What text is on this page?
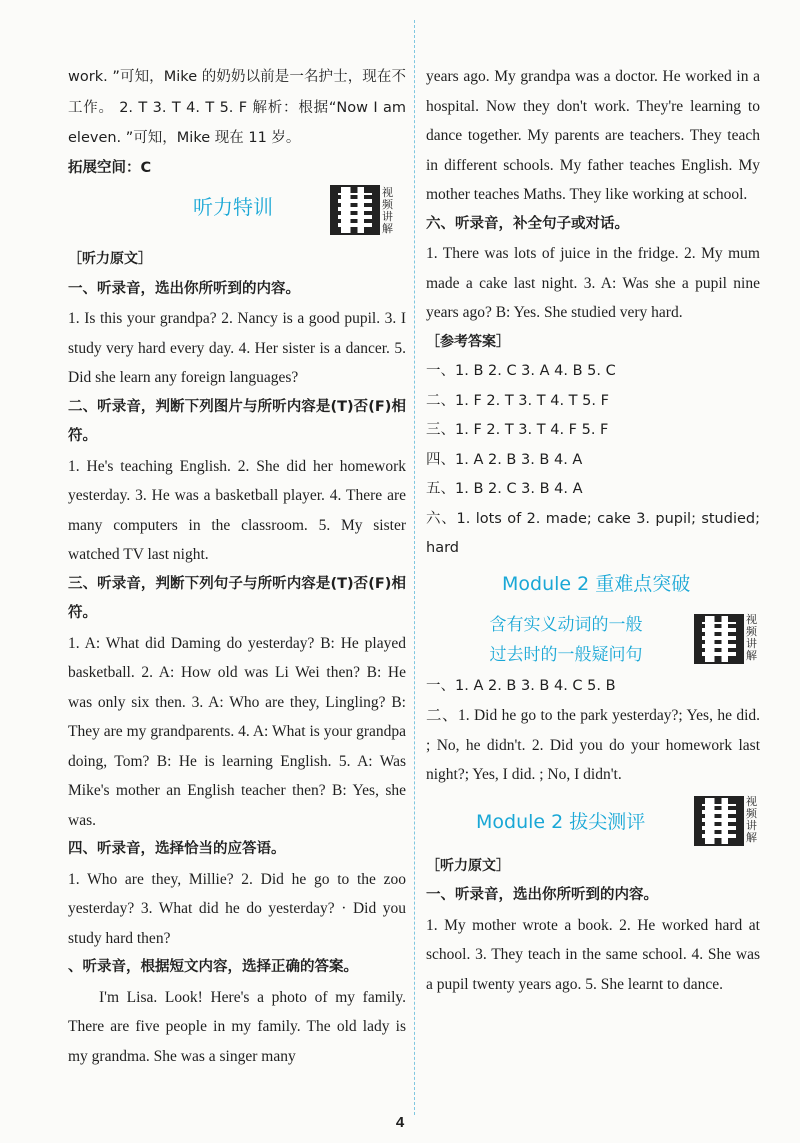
work. ”可知，Mike 的奶奶以前是一名护士，现在不工作。 2. T 3. T 4. T 5. F 解析：根据“Now I am eleven. ”可知，Mike 现在 11 岁。

拓展空间：C

听力特训
视频讲解

［听力原文］

一、听录音，选出你所听到的内容。

1. Is this your grandpa? 2. Nancy is a good pupil. 3. I study very hard every day. 4. Her sister is a dancer. 5. Did she learn any foreign languages?

二、听录音，判断下列图片与所听内容是(T)否(F)相符。

1. He's teaching English. 2. She did her homework yesterday. 3. He was a basketball player. 4. There are many computers in the classroom. 5. My sister watched TV last night.

三、听录音，判断下列句子与所听内容是(T)否(F)相符。

1. A: What did Daming do yesterday? B: He played basketball. 2. A: How old was Li Wei then? B: He was only six then. 3. A: Who are they, Lingling? B: They are my grandparents. 4. A: What is your grandpa doing, Tom? B: He is learning English. 5. A: Was Mike's mother an English teacher then? B: Yes, she was.

四、听录音，选择恰当的应答语。

1. Who are they, Millie? 2. Did he go to the zoo yesterday? 3. What did he do yesterday? · Did you study hard then?

、听录音，根据短文内容，选择正确的答案。

I'm Lisa. Look! Here's a photo of my family. There are five people in my family. The old lady is my grandma. She was a singer many

years ago. My grandpa was a doctor. He worked in a hospital. Now they don't work. They're learning to dance together. My parents are teachers. They teach in different schools. My father teaches English. My mother teaches Maths. They like working at school.

六、听录音，补全句子或对话。

1. There was lots of juice in the fridge. 2. My mum made a cake last night. 3. A: Was she a pupil nine years ago? B: Yes. She studied very hard.

［参考答案］

一、1. B 2. C 3. A 4. B 5. C

二、1. F 2. T 3. T 4. T 5. F

三、1. F 2. T 3. T 4. F 5. F

四、1. A 2. B 3. B 4. A

五、1. B 2. C 3. B 4. A

六、1. lots of 2. made; cake 3. pupil; studied; hard

Module 2 重难点突破
含有实义动词的一般
过去时的一般疑问句
视频讲解

一、1. A 2. B 3. B 4. C 5. B

二、1. Did he go to the park yesterday?; Yes, he did. ; No, he didn't. 2. Did you do your homework last night?; Yes, I did. ; No, I didn't.

Module 2 拔尖测评
视频讲解

［听力原文］

一、听录音，选出你所听到的内容。

1. My mother wrote a book. 2. He worked hard at school. 3. They teach in the same school. 4. She was a pupil twenty years ago. 5. She learnt to dance.

4
